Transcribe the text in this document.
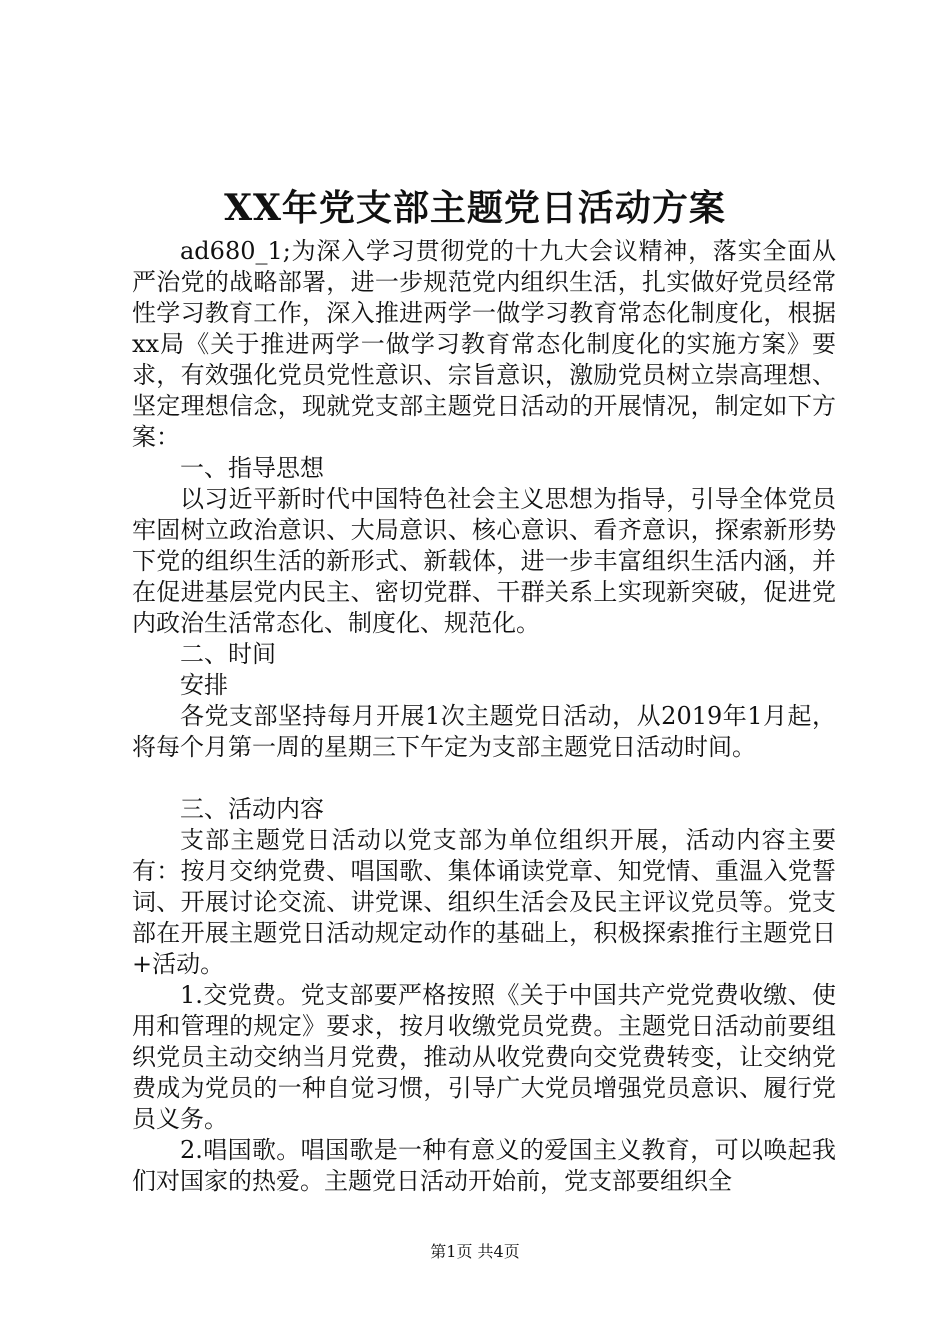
XX年党支部主题党日活动方案

ad680_1;为深入学习贯彻党的十九大会议精神，落实全面从严治党的战略部署，进一步规范党内组织生活，扎实做好党员经常性学习教育工作，深入推进两学一做学习教育常态化制度化，根据xx局《关于推进两学一做学习教育常态化制度化的实施方案》要求，有效强化党员党性意识、宗旨意识，激励党员树立崇高理想、坚定理想信念，现就党支部主题党日活动的开展情况，制定如下方案：

一、指导思想

以习近平新时代中国特色社会主义思想为指导，引导全体党员牢固树立政治意识、大局意识、核心意识、看齐意识，探索新形势下党的组织生活的新形式、新载体，进一步丰富组织生活内涵，并在促进基层党内民主、密切党群、干群关系上实现新突破，促进党内政治生活常态化、制度化、规范化。

二、时间

安排

各党支部坚持每月开展1次主题党日活动，从2019年1月起，将每个月第一周的星期三下午定为支部主题党日活动时间。

三、活动内容

支部主题党日活动以党支部为单位组织开展，活动内容主要有：按月交纳党费、唱国歌、集体诵读党章、知党情、重温入党誓词、开展讨论交流、讲党课、组织生活会及民主评议党员等。党支部在开展主题党日活动规定动作的基础上，积极探索推行主题党日+活动。

1.交党费。党支部要严格按照《关于中国共产党党费收缴、使用和管理的规定》要求，按月收缴党员党费。主题党日活动前要组织党员主动交纳当月党费，推动从收党费向交党费转变，让交纳党费成为党员的一种自觉习惯，引导广大党员增强党员意识、履行党员义务。

2.唱国歌。唱国歌是一种有意义的爱国主义教育，可以唤起我们对国家的热爱。主题党日活动开始前，党支部要组织全

第1页 共4页
